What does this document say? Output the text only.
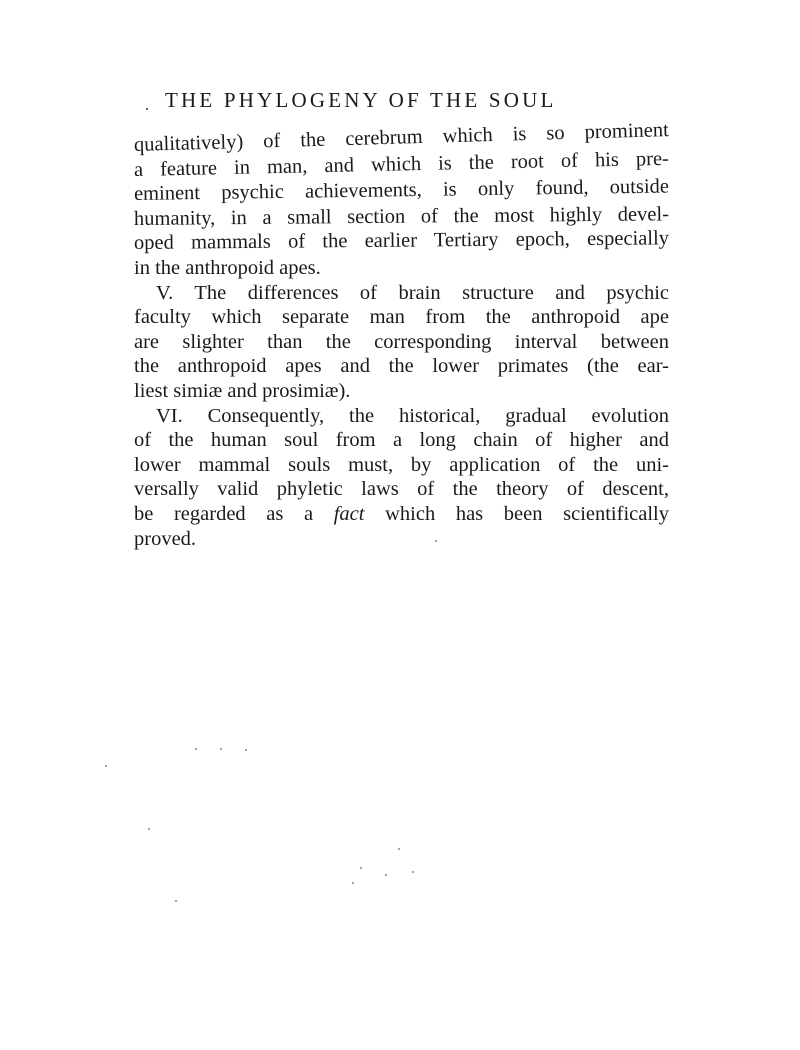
THE PHYLOGENY OF THE SOUL
qualitatively) of the cerebrum which is so prominent
a feature in man, and which is the root of his pre-
eminent psychic achievements, is only found, outside
humanity, in a small section of the most highly devel-
oped mammals of the earlier Tertiary epoch, especially
in the anthropoid apes.
V. The differences of brain structure and psychic
faculty which separate man from the anthropoid ape
are slighter than the corresponding interval between
the anthropoid apes and the lower primates (the ear-
liest simiæ and prosimiæ).
VI. Consequently, the historical, gradual evolution
of the human soul from a long chain of higher and
lower mammal souls must, by application of the uni-
versally valid phyletic laws of the theory of descent,
be regarded as a fact which has been scientifically
proved.
